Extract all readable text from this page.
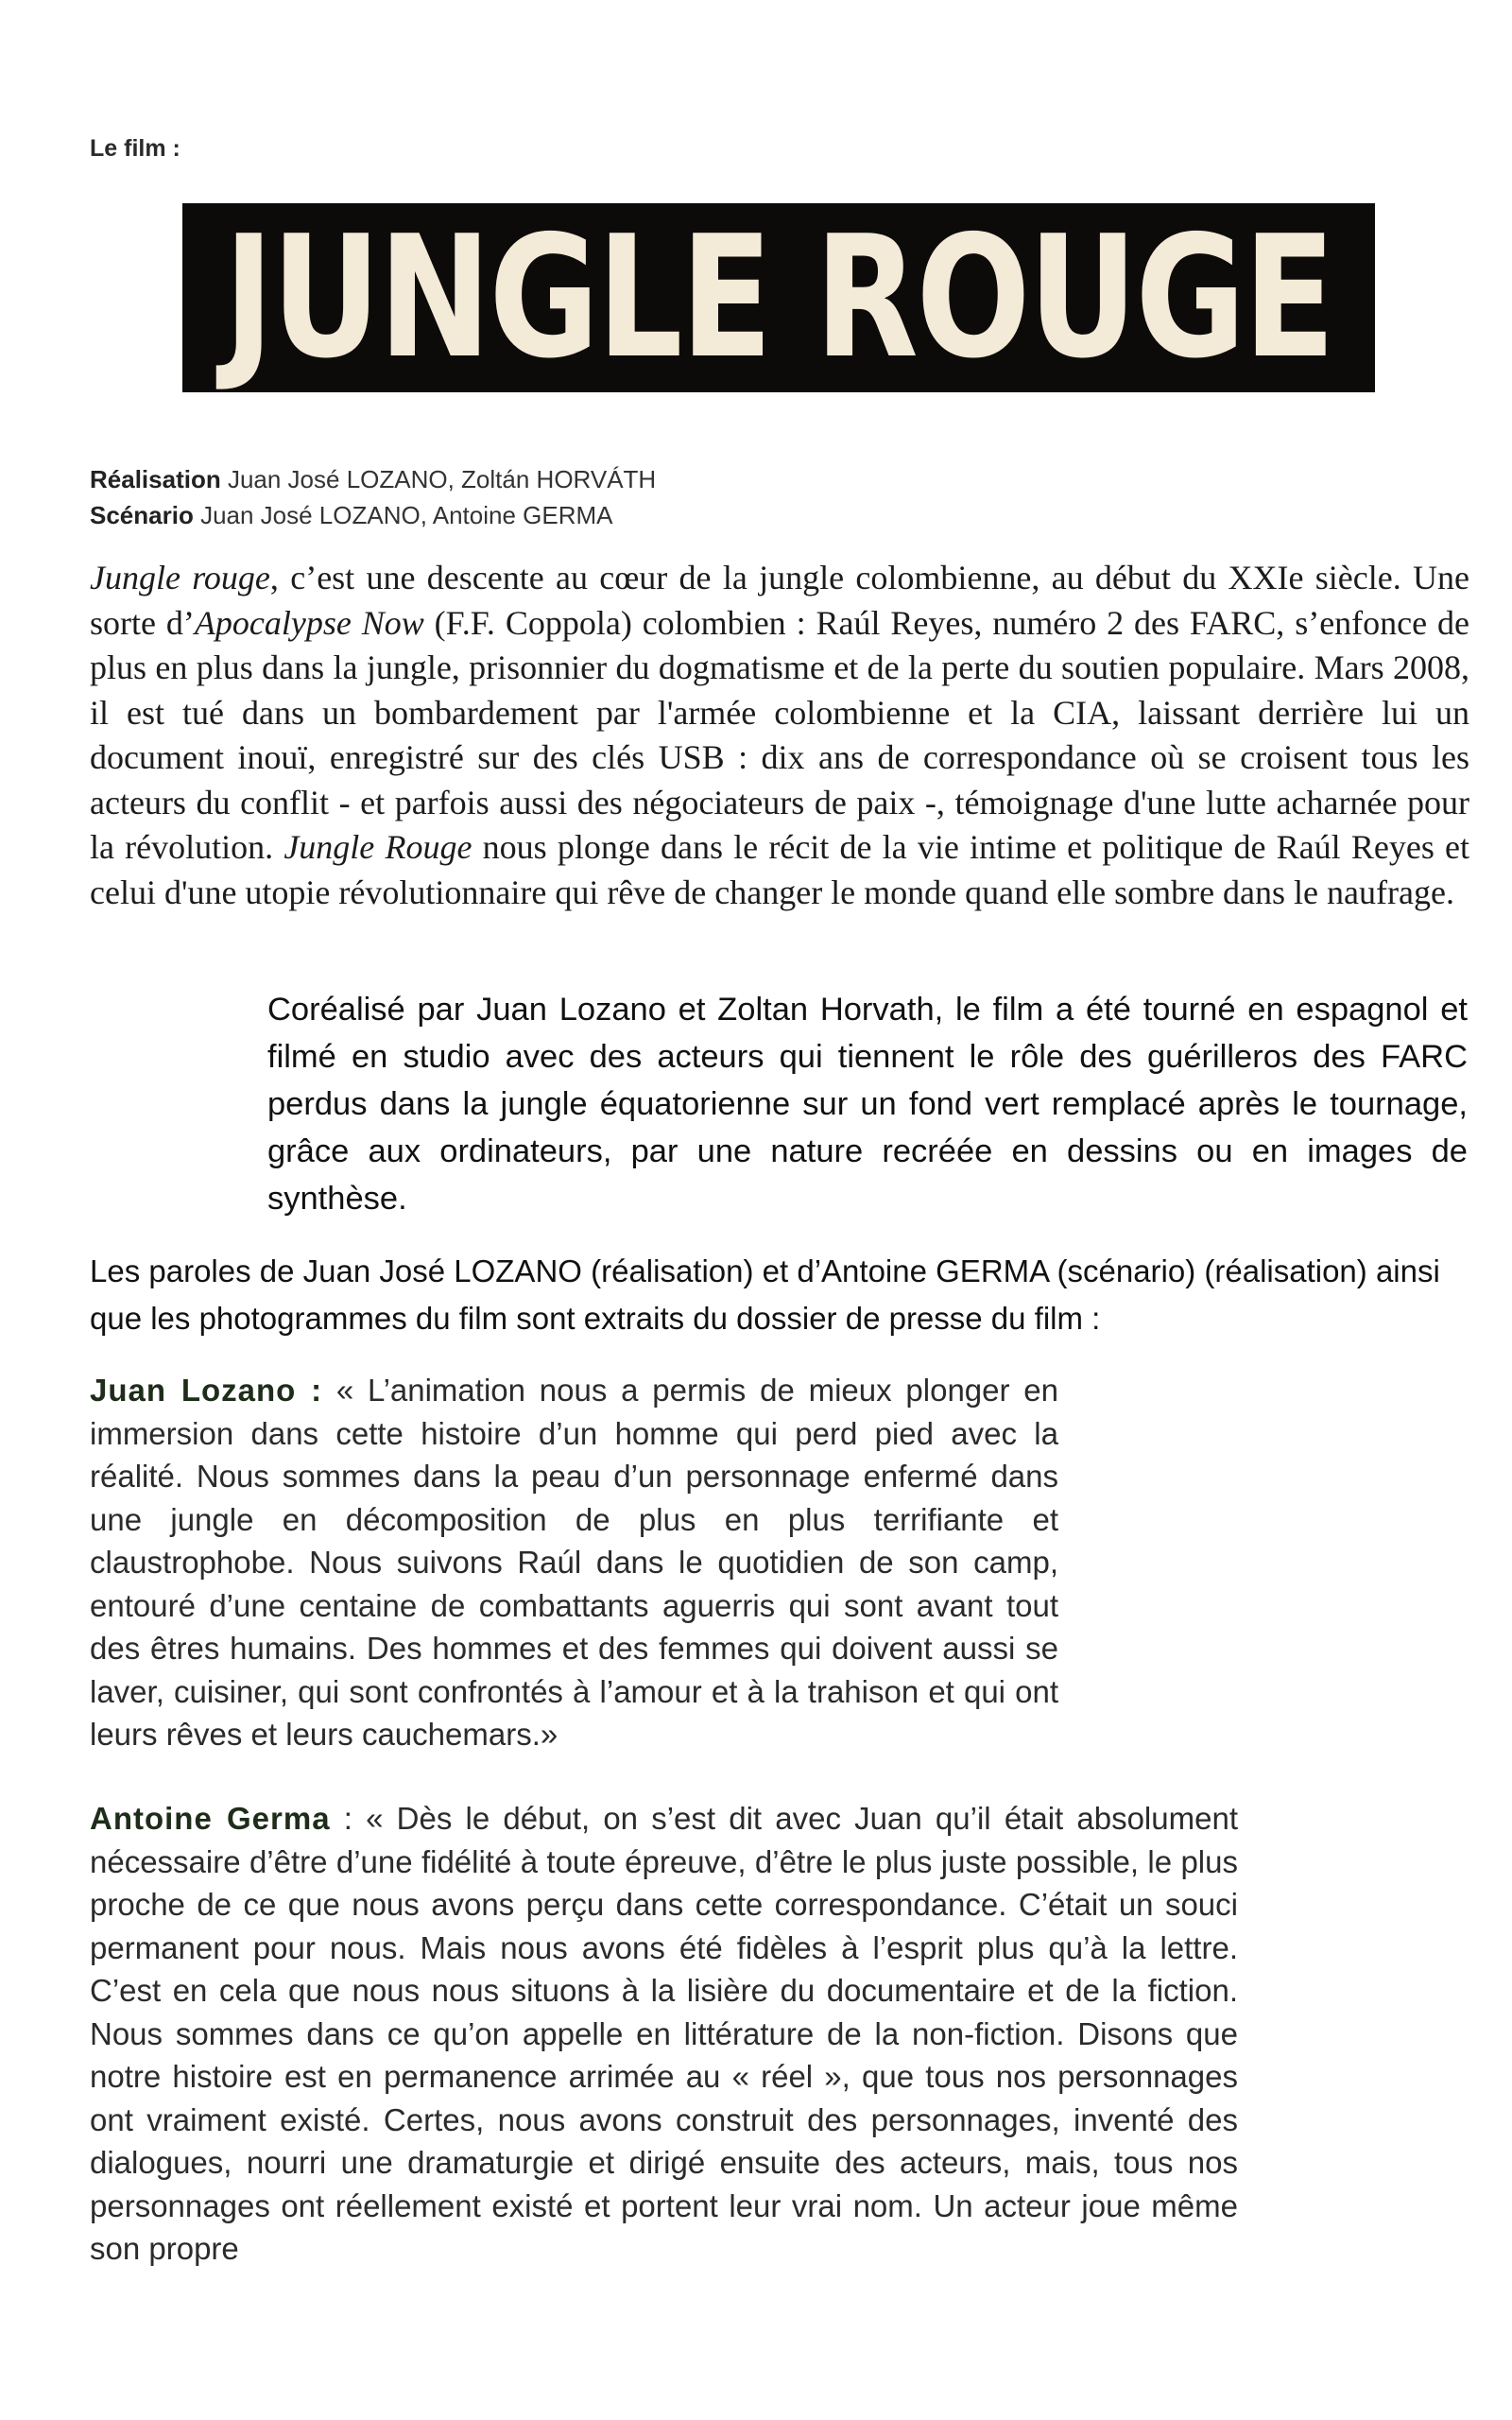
Le film :
JUNGLE ROUGE
Réalisation Juan José LOZANO, Zoltán HORVÁTH
Scénario Juan José LOZANO, Antoine GERMA

Jungle rouge, c’est une descente au cœur de la jungle colombienne, au début du XXIe siècle. Une sorte d’Apocalypse Now (F.F. Coppola) colombien : Raúl Reyes, numéro 2 des FARC, s’enfonce de plus en plus dans la jungle, prisonnier du dogmatisme et de la perte du soutien populaire. Mars 2008, il est tué dans un bombardement par l'armée colombienne et la CIA, laissant derrière lui un document inouï, enregistré sur des clés USB : dix ans de correspondance où se croisent tous les acteurs du conflit - et parfois aussi des négociateurs de paix -, témoignage d'une lutte acharnée pour la révolution. Jungle Rouge nous plonge dans le récit de la vie intime et politique de Raúl Reyes et celui d'une utopie révolutionnaire qui rêve de changer le monde quand elle sombre dans le naufrage.

Coréalisé par Juan Lozano et Zoltan Horvath, le film a été tourné en espagnol et filmé en studio avec des acteurs qui tiennent le rôle des guérilleros des FARC perdus dans la jungle équatorienne sur un fond vert remplacé après le tournage, grâce aux ordinateurs, par une nature recréée en dessins ou en images de synthèse.

Les paroles de Juan José LOZANO (réalisation) et d’Antoine GERMA (scénario) (réalisation) ainsi que les photogrammes du film sont extraits du dossier de presse du film :

Juan Lozano : « L’animation nous a permis de mieux plonger en immersion dans cette histoire d’un homme qui perd pied avec la réalité. Nous sommes dans la peau d’un personnage enfermé dans une jungle en décomposition de plus en plus terrifiante et claustrophobe. Nous suivons Raúl dans le quotidien de son camp, entouré d’une centaine de combattants aguerris qui sont avant tout des êtres humains. Des hommes et des femmes qui doivent aussi se laver, cuisiner, qui sont confrontés à l’amour et à la trahison et qui ont leurs rêves et leurs cauchemars.»

Antoine Germa : « Dès le début, on s’est dit avec Juan qu’il était absolument nécessaire d’être d’une fidélité à toute épreuve, d’être le plus juste possible, le plus proche de ce que nous avons perçu dans cette correspondance. C’était un souci permanent pour nous. Mais nous avons été fidèles à l’esprit plus qu’à la lettre. C’est en cela que nous nous situons à la lisière du documentaire et de la fiction. Nous sommes dans ce qu’on appelle en littérature de la non-fiction. Disons que notre histoire est en permanence arrimée au « réel », que tous nos personnages ont vraiment existé. Certes, nous avons construit des personnages, inventé des dialogues, nourri une dramaturgie et dirigé ensuite des acteurs, mais, tous nos personnages ont réellement existé et portent leur vrai nom. Un acteur joue même son propre
